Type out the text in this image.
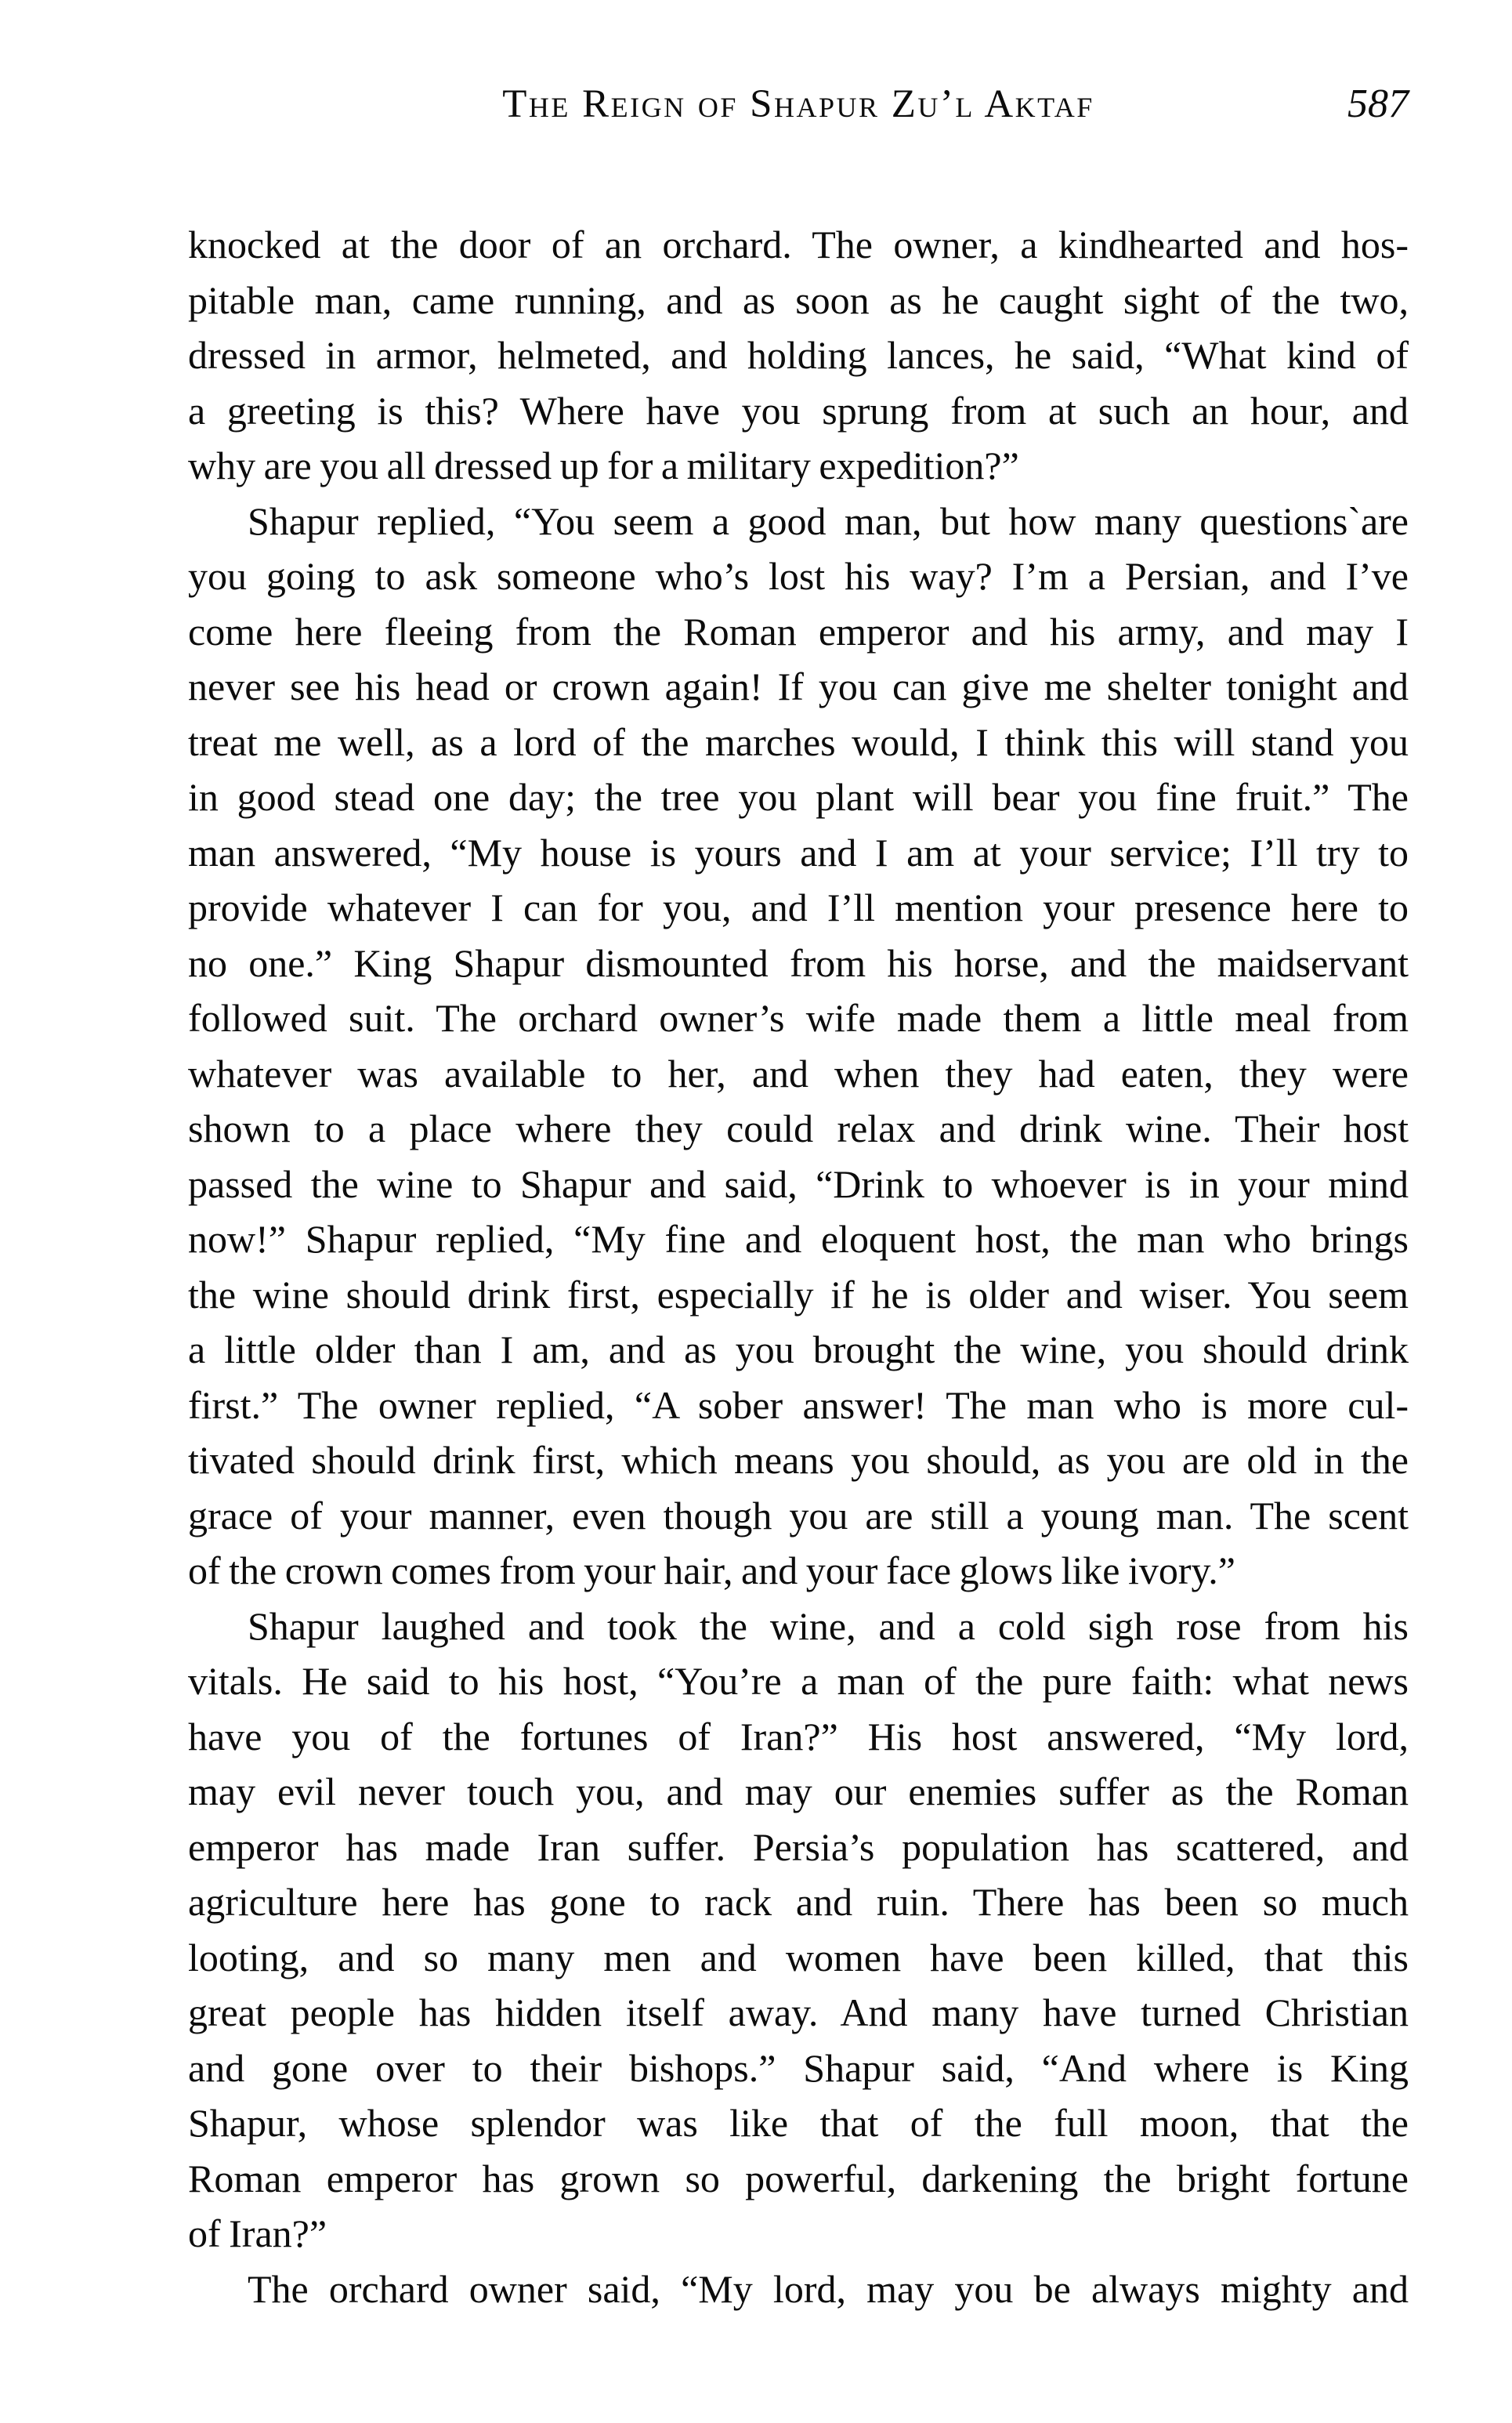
The Reign of Shapur Zu’l Aktaf	587
knocked at the door of an orchard. The owner, a kindhearted and hos-
pitable man, came running, and as soon as he caught sight of the two,
dressed in armor, helmeted, and holding lances, he said, “What kind of
a greeting is this? Where have you sprung from at such an hour, and
why are you all dressed up for a military expedition?”
Shapur replied, “You seem a good man, but how many questions`are
you going to ask someone who’s lost his way? I’m a Persian, and I’ve
come here fleeing from the Roman emperor and his army, and may I
never see his head or crown again! If you can give me shelter tonight and
treat me well, as a lord of the marches would, I think this will stand you
in good stead one day; the tree you plant will bear you fine fruit.” The
man answered, “My house is yours and I am at your service; I’ll try to
provide whatever I can for you, and I’ll mention your presence here to
no one.” King Shapur dismounted from his horse, and the maidservant
followed suit. The orchard owner’s wife made them a little meal from
whatever was available to her, and when they had eaten, they were
shown to a place where they could relax and drink wine. Their host
passed the wine to Shapur and said, “Drink to whoever is in your mind
now!” Shapur replied, “My fine and eloquent host, the man who brings
the wine should drink first, especially if he is older and wiser. You seem
a little older than I am, and as you brought the wine, you should drink
first.” The owner replied, “A sober answer! The man who is more cul-
tivated should drink first, which means you should, as you are old in the
grace of your manner, even though you are still a young man. The scent
of the crown comes from your hair, and your face glows like ivory.”
Shapur laughed and took the wine, and a cold sigh rose from his
vitals. He said to his host, “You’re a man of the pure faith: what news
have you of the fortunes of Iran?” His host answered, “My lord,
may evil never touch you, and may our enemies suffer as the Roman
emperor has made Iran suffer. Persia’s population has scattered, and
agriculture here has gone to rack and ruin. There has been so much
looting, and so many men and women have been killed, that this
great people has hidden itself away. And many have turned Christian
and gone over to their bishops.” Shapur said, “And where is King
Shapur, whose splendor was like that of the full moon, that the
Roman emperor has grown so powerful, darkening the bright fortune
of Iran?”
The orchard owner said, “My lord, may you be always mighty and
